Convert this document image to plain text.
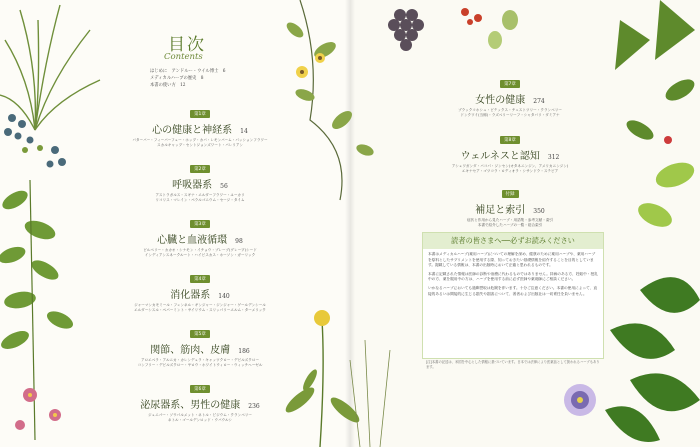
目次
Contents
はじめに　アンドルー・ウイル博士　 6
メディカルハーブの歴史　 8
本書の使い方　 12
第1章
心の健康と神経系 14
バターバー・フィーバーフュー・ホップ・カバ・レモンバーム・パッションフラワー
スカルキャップ・セントジョンズワート・バレリアン
第2章
呼吸器系 56
アストラガルス・スギナ・エルダーフラワー・ユーカリ
リコリス・マレイン・ペラルゴニウム・セージ・タイム
第3章
心臓と血液循環 98
ビルベリー・カカオ・シナモン・イチョウ・ブレーブ(グレープ)シード
インディアンスネークルート・ハイビスカス・ホーソン・ガーリック
第4章
消化器系 140
ジャーマンカモミール・フェンネル・ギンジャー・ジンジャー・ゲールデンシール
エルダーシスル・ペパーミント・サイリウム・スリッパリーエルム・ターメリック
第5章
関節、筋肉、皮膚 186
アロエベラ・アルニカ・カレンデュラ・キャッツクロー・デビルズクロー
コンフリー・デビルズクロー・ヤロウ・ホワイトウィロー・ウィッチヘーゼル
第6章
泌尿器系、男性の健康 236
ジュニパー・ソウパルメット・ネトル・ピジウム・クランベリー
ネトル・ゴールデンロッド・ウバウルシ
第7章
女性の健康 274
ブラックコホシュ・ビテックス・チェストツリー・クランベリー
ドンクワイ(当帰)・ラズベリーリーフ・シャタバリ・ダミアナ
第8章
ウェルネスと認知 312
アシュワガンダ・バコパ・ジンセン(オタネニンジン、アメリカニンジン)
エキナセア・ゴツコラ・ロディオラ・シサンドラ・ステビア
付録
補足と索引 350
症状と作用から見たハーブ・用語集・参考文献・索引
本書で紹介したハーブの一覧・総合索引
読者の皆さまへ──必ずお読みください

本書はメディカルハーブ(薬用ハーブ)についての理解を深め、健康のために薬用ハーブや、薬用ハーブを原料としたサプリメントを使用する際、知っておきたい基礎情報を紹介することを目的としています。掲載している情報は、本書の出版時において正確と思われるものです。

本書に記載された情報は医師の診断や治療に代わるものではありません。持病のある方、妊娠中・授乳中の方、薬を服用中の方は、ハーブを使用する前に必ず医師や薬剤師にご相談ください。

いかなるハーブにおいても過剰摂取は危険を伴います。十分ご注意ください。本書の使用によって、直接的あるいは間接的に生じる損失や損害について、著者および出版社は一切責任を負いません。

[注]本書の記述は、米国を中心とした情報に基づいています。日本では法律により医薬品として扱われるハーブもあります。
